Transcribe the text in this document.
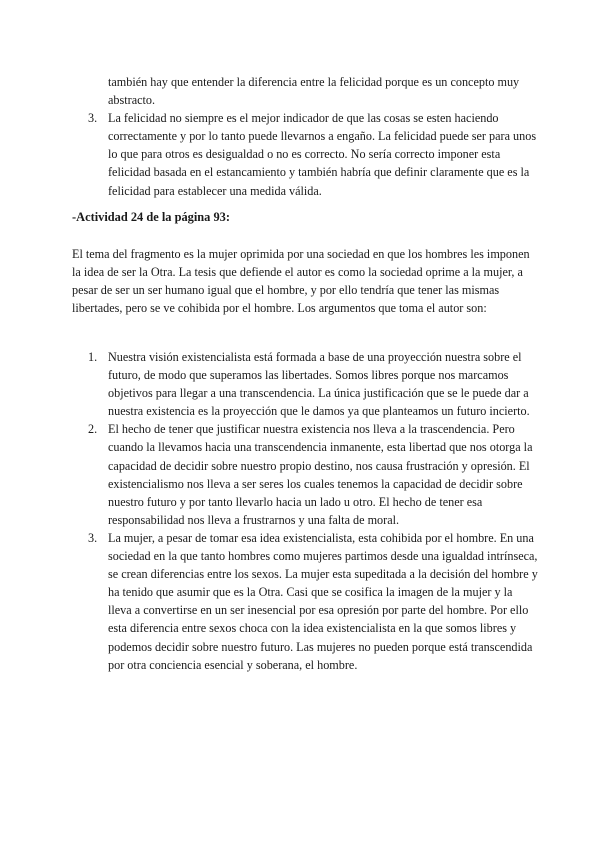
también hay que entender la diferencia entre la felicidad porque es un concepto muy abstracto.
3. La felicidad no siempre es el mejor indicador de que las cosas se esten haciendo correctamente y por lo tanto puede llevarnos a engaño. La felicidad puede ser para unos lo que para otros es desigualdad o no es correcto. No sería correcto imponer esta felicidad basada en el estancamiento y también habría que definir claramente que es la felicidad para establecer una medida válida.
-Actividad 24 de la página 93:

El tema del fragmento es la mujer oprimida por una sociedad en que los hombres les imponen la idea de ser la Otra. La tesis que defiende el autor es como la sociedad oprime a la mujer, a pesar de ser un ser humano igual que el hombre, y por ello tendría que tener las mismas libertades, pero se ve cohibida por el hombre. Los argumentos que toma el autor son:

1. Nuestra visión existencialista está formada a base de una proyección nuestra sobre el futuro, de modo que superamos las libertades. Somos libres porque nos marcamos objetivos para llegar a una transcendencia. La única justificación que se le puede dar a nuestra existencia es la proyección que le damos ya que planteamos un futuro incierto.
2. El hecho de tener que justificar nuestra existencia nos lleva a la trascendencia. Pero cuando la llevamos hacia una transcendencia inmanente, esta libertad que nos otorga la capacidad de decidir sobre nuestro propio destino, nos causa frustración y opresión. El existencialismo nos lleva a ser seres los cuales tenemos la capacidad de decidir sobre nuestro futuro y por tanto llevarlo hacia un lado u otro. El hecho de tener esa responsabilidad nos lleva a frustrarnos y una falta de moral.
3. La mujer, a pesar de tomar esa idea existencialista, esta cohibida por el hombre. En una sociedad en la que tanto hombres como mujeres partimos desde una igualdad intrínseca, se crean diferencias entre los sexos. La mujer esta supeditada a la decisión del hombre y ha tenido que asumir que es la Otra. Casi que se cosifica la imagen de la mujer y la lleva a convertirse en un ser inesencial por esa opresión por parte del hombre. Por ello esta diferencia entre sexos choca con la idea existencialista en la que somos libres y podemos decidir sobre nuestro futuro. Las mujeres no pueden porque está transcendida por otra conciencia esencial y soberana, el hombre.
